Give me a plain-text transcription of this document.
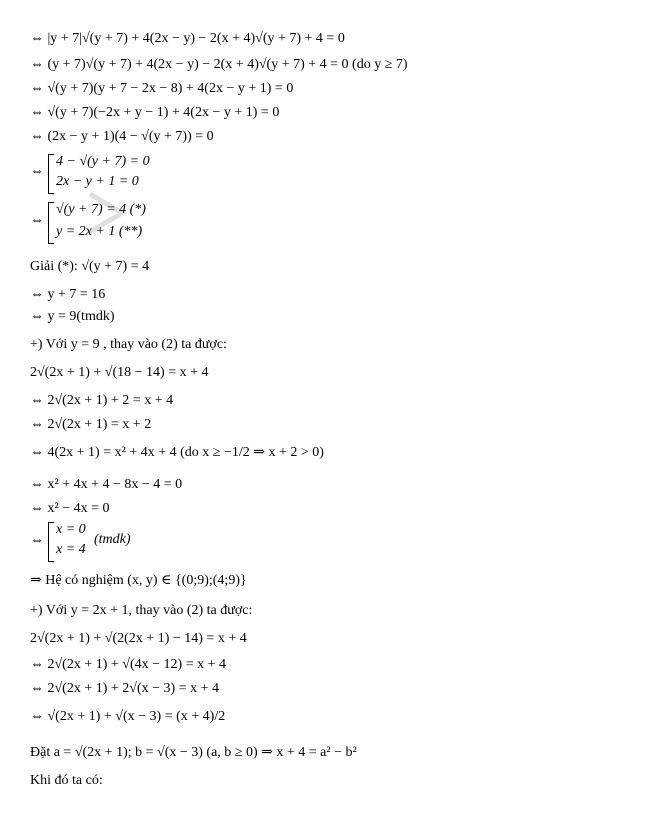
⇔ |y + 7|√(y + 7) + 4(2x − y) − 2(x + 4)√(y + 7) + 4 = 0
⇔ (y + 7)√(y + 7) + 4(2x − y) − 2(x + 4)√(y + 7) + 4 = 0 (do y ≥ 7)
⇔ √(y + 7)(y + 7 − 2x − 8) + 4(2x − y + 1) = 0
⇔ √(y + 7)(−2x + y − 1) + 4(2x − y + 1) = 0
⇔ (2x − y + 1)(4 − √(y + 7)) = 0
⇔
4 − √(y + 7) = 0
2x − y + 1 = 0
⇔
√(y + 7) = 4 (*)
y = 2x + 1 (**)
Giải (*): √(y + 7) = 4
⇔ y + 7 = 16
⇔ y = 9(tmdk)
+) Với y = 9 , thay vào (2) ta được:
2√(2x + 1) + √(18 − 14) = x + 4
⇔ 2√(2x + 1) + 2 = x + 4
⇔ 2√(2x + 1) = x + 2
⇔ 4(2x + 1) = x² + 4x + 4 (do x ≥ −1/2 ⇒ x + 2 > 0)
⇔ x² + 4x + 4 − 8x − 4 = 0
⇔ x² − 4x = 0
⇔
x = 0
x = 4
(tmdk)
⇒ Hệ có nghiệm (x, y) ∈ {(0;9);(4;9)}
+) Với y = 2x + 1, thay vào (2) ta được:
2√(2x + 1) + √(2(2x + 1) − 14) = x + 4
⇔ 2√(2x + 1) + √(4x − 12) = x + 4
⇔ 2√(2x + 1) + 2√(x − 3) = x + 4
⇔ √(2x + 1) + √(x − 3) = (x + 4)/2
Đặt a = √(2x + 1); b = √(x − 3) (a, b ≥ 0) ⇒ x + 4 = a² − b²
Khi đó ta có:
